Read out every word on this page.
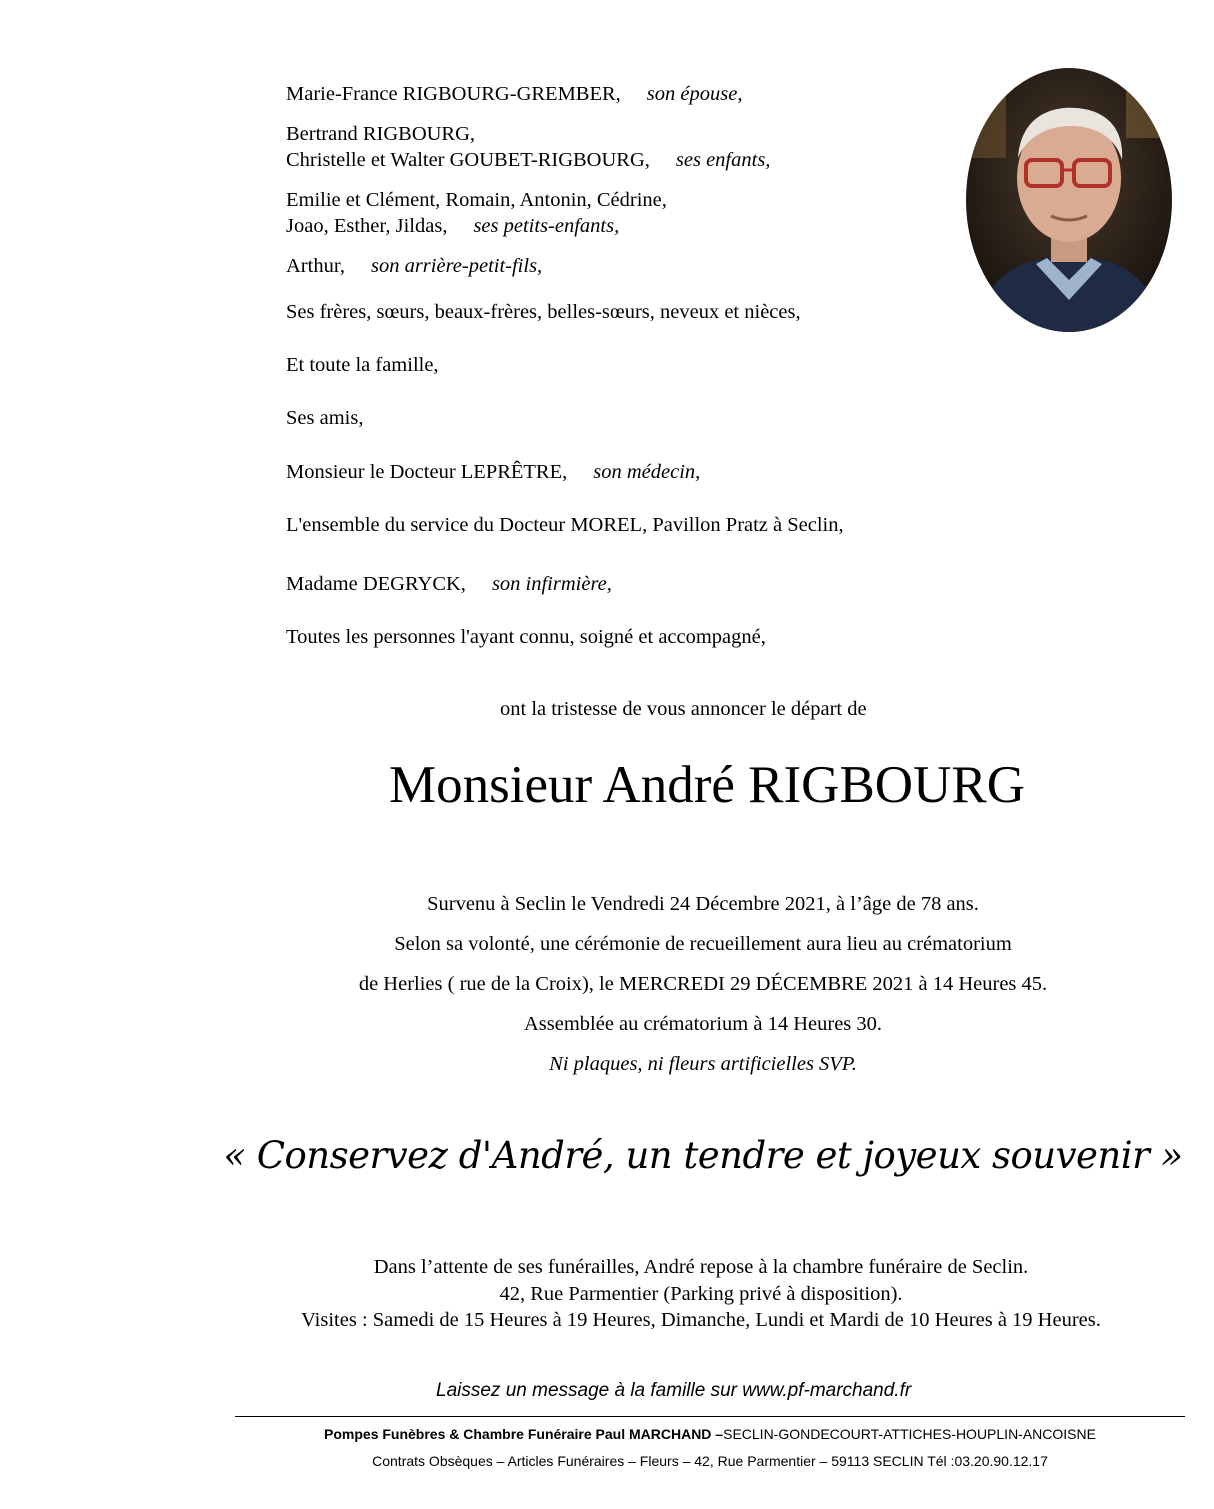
Marie-France RIGBOURG-GREMBER, son épouse,
Bertrand RIGBOURG,
Christelle et Walter GOUBET-RIGBOURG, ses enfants,
Emilie et Clément, Romain, Antonin, Cédrine,
Joao, Esther, Jildas, ses petits-enfants,
Arthur, son arrière-petit-fils,
Ses frères, sœurs, beaux-frères, belles-sœurs, neveux et nièces,
Et toute la famille,
Ses amis,
Monsieur le Docteur LEPRÊTRE, son médecin,
L'ensemble du service du Docteur MOREL, Pavillon Pratz à Seclin,
Madame DEGRYCK, son infirmière,
Toutes les personnes l'ayant connu, soigné et accompagné,
ont la tristesse de vous annoncer le départ de
Monsieur André RIGBOURG
Survenu à Seclin le Vendredi 24 Décembre 2021, à l’âge de 78 ans.
Selon sa volonté, une cérémonie de recueillement aura lieu au crématorium
de Herlies ( rue de la Croix), le MERCREDI 29 DÉCEMBRE 2021 à 14 Heures 45.
Assemblée au crématorium à 14 Heures 30.
Ni plaques, ni fleurs artificielles SVP.
« Conservez d'André, un tendre et joyeux souvenir »
Dans l’attente de ses funérailles, André repose à la chambre funéraire de Seclin.
42, Rue Parmentier (Parking privé à disposition).
Visites : Samedi de 15 Heures à 19 Heures, Dimanche, Lundi et Mardi de 10 Heures à 19 Heures.
Laissez un message à la famille sur www.pf-marchand.fr
Pompes Funèbres & Chambre Funéraire Paul MARCHAND –SECLIN-GONDECOURT-ATTICHES-HOUPLIN-ANCOISNE
Contrats Obsèques – Articles Funéraires – Fleurs – 42, Rue Parmentier – 59113 SECLIN Tél :03.20.90.12.17
